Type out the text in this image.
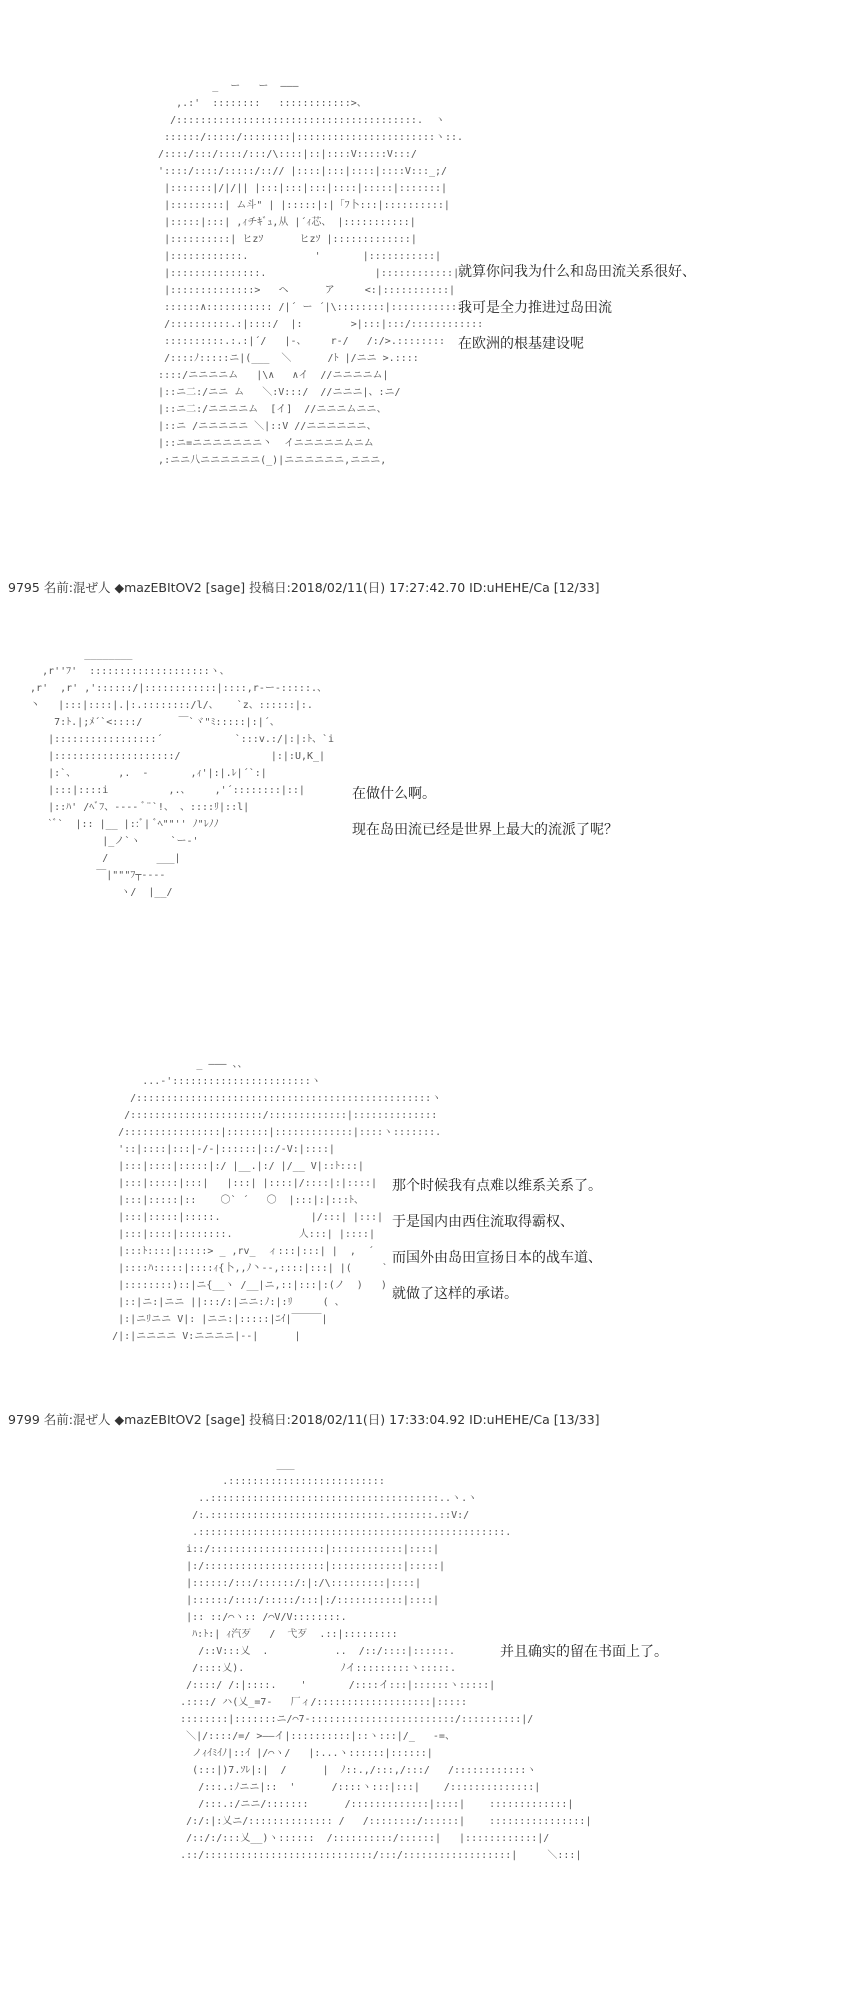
_  ー   ー  ―――
,.:'  ::::::::   ::::::::::::>、
/::::::::::::::::::::::::::::::::::::::::.  ヽ
::::::/:::::/::::::::|:::::::::::::::::::::::ヽ::.
/::::/:::/::::/:::/\::::|::|::::V:::::V:::/
'::::/::::/:::::/::// |::::|:::|::::|::::V:::_;/
|:::::::|/|/|| |:::|:::|:::|::::|:::::|:::::::|
|:::::::::| ム斗" | |:::::|:|「ﾌ卜:::|::::::::::|
|:::::|:::| ,ｨチｷﾞｭ,从 |´ｨ芯、 |:::::::::::|
|::::::::::| ヒzｿ      ヒzｿ |:::::::::::::|
|::::::::::::.           '       |:::::::::::|
|:::::::::::::::.                  |::::::::::::|
|::::::::::::::>   ヘ      ア     <:|:::::::::::|
::::::∧::::::::::: /|´ ー ´|\::::::::|:::::::::::::
/::::::::::.:|::::/  |:        >|:::|:::/::::::::::::
::::::::::.:.:|´/   |-、    r-/   /:/>.::::::::
/::::ﾉ:::::ニ|(___  ＼      /ﾄ |/ニニ >.::::
::::/ニニニニム   |\∧   ∧イ  //ニニニニム|
|::ニ二:/ニニ ム   ＼:V:::/  //ニニニ|、:ニ/
|::ニ二:/ニニニニム  [イ]  //ニニニムニニ、
|::ニ /ニニニニニ ＼|::V //ニニニニニニ、
|::ニ=ニニニニニニニ丶  イニニニニニムニム
,:ニニ八ニニニニニニ(_)|ニニニニニニ,ニニニ,
就算你问我为什么和岛田流关系很好、
我可是全力推进过岛田流
在欧洲的根基建设呢
9795 名前:混ぜ人 ◆mazEBItOV2 [sage] 投稿日:2018/02/11(日) 17:27:42.70 ID:uHEHE/Ca [12/33]
________
,r''ﾌ'  ::::::::::::::::::::ヽ、
,r'  ,r' ,'::::::/|::::::::::::|::::,r‐ー‐:::::.、
丶   |:::|::::|.|:.::::::::/l/、   `z、::::::|:.
7:ﾄ.|;ﾒ´`<::::/      ￣`ヾ"ﾐ:::::|:|´、
|:::::::::::::::::´            `:::v.:/|:|:ﾄ、`i
|::::::::::::::::::::/               |:|:U,K_|
|:`、       ,.  -       ,ｨ'|:|.ﾚ|´`:|
|:::|::::i          ,.、    ,'´::::::::|::|
|::ﾊ' /ﾍﾞﾌ、-‐‐‐ ﾞ¨`!、 、::::ﾘ|::l|
`ﾞ`  |:: |__ |::ﾞ| ﾞﾍ""'' ﾉ"ﾚﾉﾉ
|_ノ`ヽ     `ー‐'
/        ___|
￣|"""ﾌ┬‐‐-‐
ヽ/  |__/
在做什么啊。
现在岛田流已经是世界上最大的流派了呢？
_ ――― 、、
...‐':::::::::::::::::::::::ヽ
/:::::::::::::::::::::::::::::::::::::::::::::::::ヽ
/::::::::::::::::::::::/:::::::::::::|::::::::::::::
/::::::::::::::::|:::::::|:::::::::::::|::::ヽ:::::::.
'::|::::|:::|‐/‐|::::::|::/‐V:|::::|
|:::|::::|:::::|:/ |__.|:/ |/__ V|::ﾄ:::|
|:::|:::::|:::|   |:::| |::::|/::::|:|::::|
|:::|:::::|::    〇` ´   〇  |:::|:|:::ﾄ、
|:::|:::::|:::::.               |/:::| |:::|
|:::|::::|::::::::.           人:::| |::::|
|:::ﾄ::::|:::::> _ ,rv_  ィ:::|:::| |  ,  ´
|::::ﾊ:::::|::::ｨ{卜,,ﾉ丶--,::::|:::| |(     `
|::::::::)::|ニ{__ヽ /__|ニ,::|:::|:(ノ  )   )
|::|ニ:|ニニ ||:::/:|ニニ:ﾉ:|:ﾘ     ( 、
|:|ニﾘニニ V|: |ニニ:|:::::|ﾆｲ|￣￣￣|
/|:|ニニニニ V:ニニニニ|‐‐|      |
那个时候我有点难以维系关系了。
于是国内由西住流取得霸权、
而国外由岛田宣扬日本的战车道、
就做了这样的承诺。
9799 名前:混ぜ人 ◆mazEBItOV2 [sage] 投稿日:2018/02/11(日) 17:33:04.92 ID:uHEHE/Ca [13/33]
___
.::::::::::::::::::::::::::
..::::::::::::::::::::::::::::::::::::::..ヽ.ヽ
/:.:::::::::::::::::::::::::::::.:::::::.::V:/
.:::::::::::::::::::::::::::::::::::::::::::::::::::.
i::/:::::::::::::::::::|::::::::::::|::::|
|:/::::::::::::::::::::|::::::::::::|:::::|
|::::::/:::/::::::/:|:/\:::::::::|::::|
|::::::/::::/:::::/:::|:/:::::::::::|::::|
|:: ::/⌒ヽ:: /⌒V/V::::::::.
ﾊ:ﾄ:| ｨ汽歹   /  弋歹  .::|:::::::::
/::V:::乂  .           ..  /::/::::|::::::.
/::::乂).                ﾉイ:::::::::ヽ:::::.
/::::/ /:|::::.    '       /::::イ:::|::::::ヽ:::::|
.::::/ ハ(乂_=7-   厂ィ/:::::::::::::::::::|:::::
::::::::|:::::::ニ/⌒7-::::::::::::::::::::::::/::::::::::|/
＼|/::::/=/ >――イ|::::::::::|::ヽ:::|/_   -=、
ノｨｲﾐｲﾉ|::ｲ |/⌒ヽ/   |:...ヽ::::::|::::::|
(:::|)7.ｿﾚ|:|  /      |  ﾉ::.,/:::,/:::/   /::::::::::::ヽ
/:::.:ﾉニニ|::  '      /::::ヽ:::|:::|    /::::::::::::::|
/:::.:/ニニ/:::::::      /:::::::::::::|::::|    :::::::::::::|
/:/:|:乂ニ/:::::::::::::: /   /::::::::/::::::|    ::::::::::::::::|
/::/:/:::乂__)ヽ::::::  /::::::::::/::::::|   |::::::::::::|/
.::/::::::::::::::::::::::::::::/:::/::::::::::::::::::|     ＼:::|
并且确实的留在书面上了。
